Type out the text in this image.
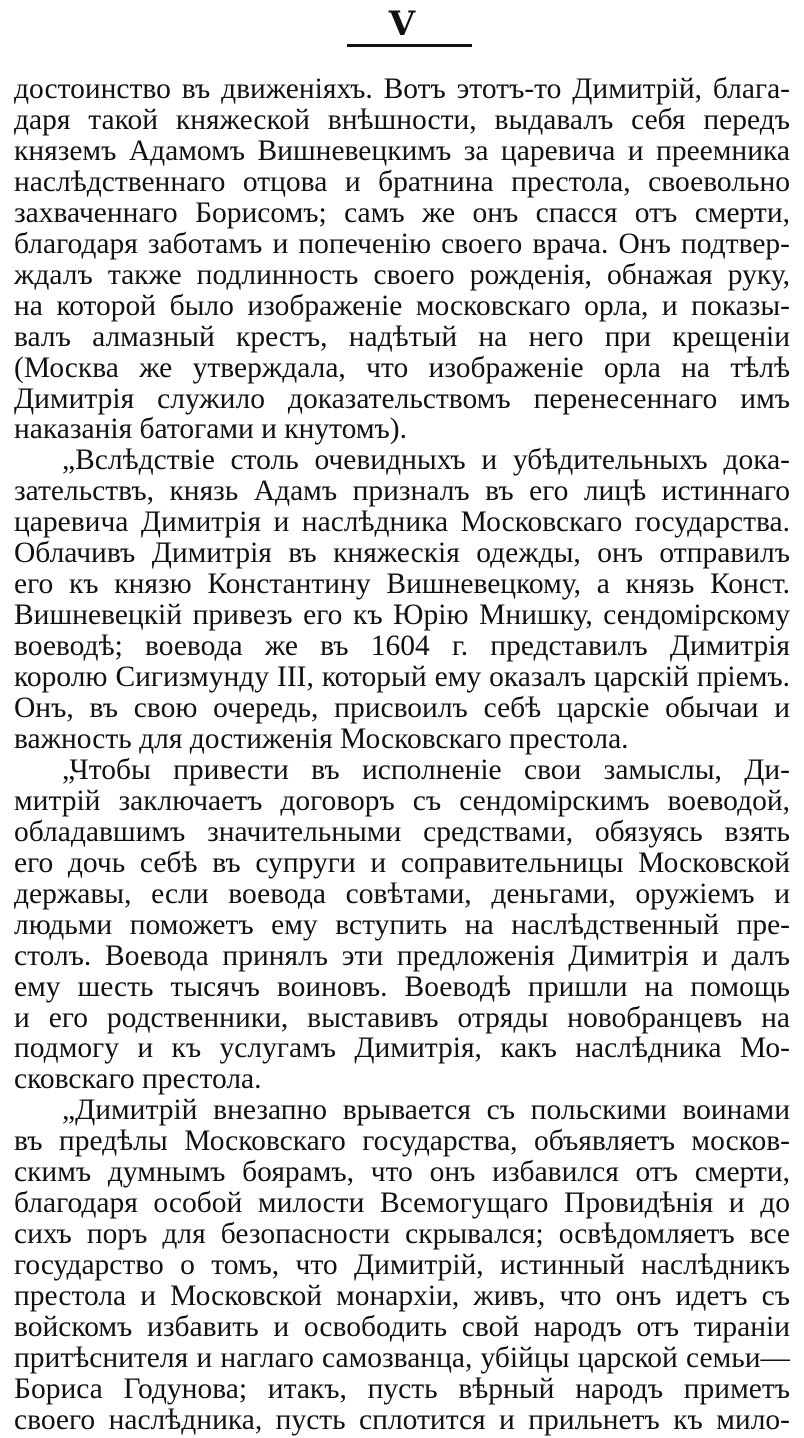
V
достоинство въ движеніяхъ. Вотъ этотъ-то Димитрій, блага-
даря такой княжеской внѣшности, выдавалъ себя передъ
княземъ Адамомъ Вишневецкимъ за царевича и преемника
наслѣдственнаго отцова и братнина престола, своевольно
захваченнаго Борисомъ; самъ же онъ спасся отъ смерти,
благодаря заботамъ и попеченію своего врача. Онъ подтвер-
ждалъ также подлинность своего рожденія, обнажая руку,
на которой было изображеніе московскаго орла, и показы-
валъ алмазный крестъ, надѣтый на него при крещеніи
(Москва же утверждала, что изображеніе орла на тѣлѣ
Димитрія служило доказательствомъ перенесеннаго имъ
наказанія батогами и кнутомъ).
„Вслѣдствіе столь очевидныхъ и убѣдительныхъ дока-
зательствъ, князь Адамъ призналъ въ его лицѣ истиннаго
царевича Димитрія и наслѣдника Московскаго государства.
Облачивъ Димитрія въ княжескія одежды, онъ отправилъ
его къ князю Константину Вишневецкому, а князь Конст.
Вишневецкій привезъ его къ Юрію Мнишку, сендомірскому
воеводѣ; воевода же въ 1604 г. представилъ Димитрія
королю Сигизмунду III, который ему оказалъ царскій пріемъ.
Онъ, въ свою очередь, присвоилъ себѣ царскіе обычаи и
важность для достиженія Московскаго престола.
„Чтобы привести въ исполненіе свои замыслы, Ди-
митрій заключаетъ договоръ съ сендомірскимъ воеводой,
обладавшимъ значительными средствами, обязуясь взять
его дочь себѣ въ супруги и соправительницы Московской
державы, если воевода совѣтами, деньгами, оружіемъ и
людьми поможетъ ему вступить на наслѣдственный пре-
столъ. Воевода принялъ эти предложенія Димитрія и далъ
ему шесть тысячъ воиновъ. Воеводѣ пришли на помощь
и его родственники, выставивъ отряды новобранцевъ на
подмогу и къ услугамъ Димитрія, какъ наслѣдника Мо-
сковскаго престола.
„Димитрій внезапно врывается съ польскими воинами
въ предѣлы Московскаго государства, объявляетъ москов-
скимъ думнымъ боярамъ, что онъ избавился отъ смерти,
благодаря особой милости Всемогущаго Провидѣнія и до
сихъ поръ для безопасности скрывался; освѣдомляетъ все
государство о томъ, что Димитрій, истинный наслѣдникъ
престола и Московской монархіи, живъ, что онъ идетъ съ
войскомъ избавить и освободить свой народъ отъ тираніи
притѣснителя и наглаго самозванца, убійцы царской семьи—
Бориса Годунова; итакъ, пусть вѣрный народъ приметъ
своего наслѣдника, пусть сплотится и прильнетъ къ мило-
